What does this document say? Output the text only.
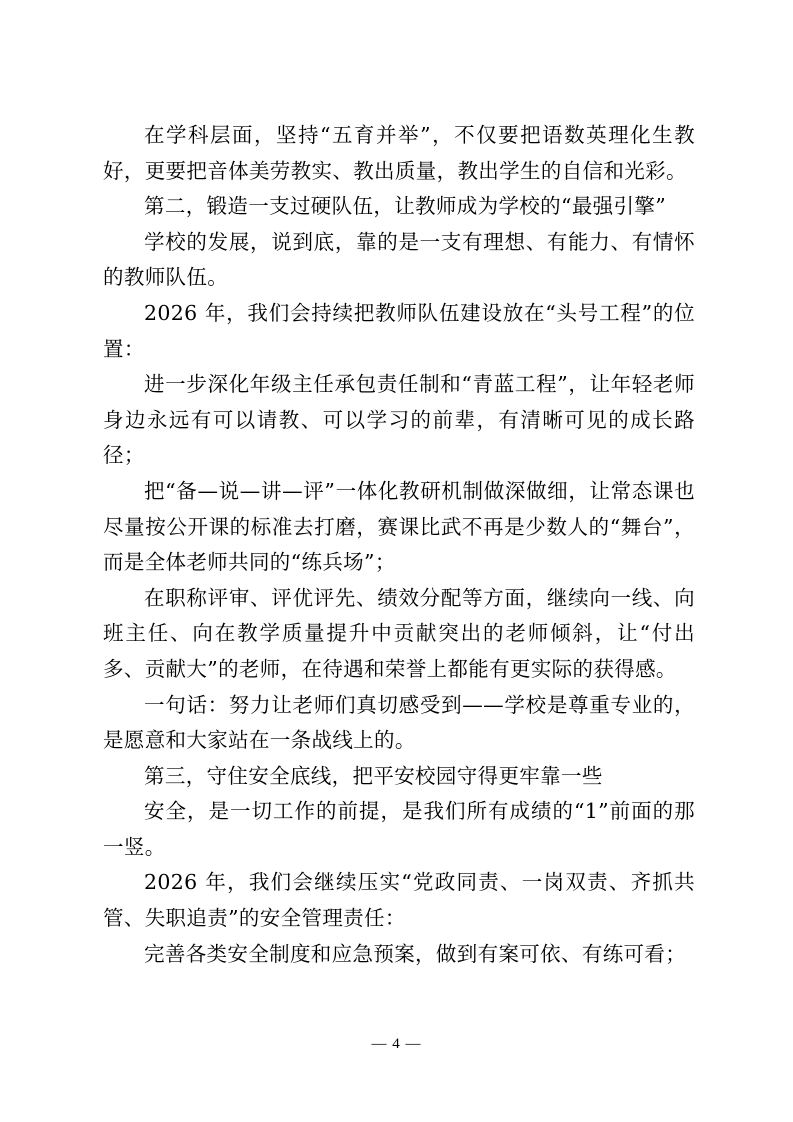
在学科层面，坚持“五育并举”，不仅要把语数英理化生教好，更要把音体美劳教实、教出质量，教出学生的自信和光彩。

第二，锻造一支过硬队伍，让教师成为学校的“最强引擎”

学校的发展，说到底，靠的是一支有理想、有能力、有情怀的教师队伍。

2026 年，我们会持续把教师队伍建设放在“头号工程”的位置：

进一步深化年级主任承包责任制和“青蓝工程”，让年轻老师身边永远有可以请教、可以学习的前辈，有清晰可见的成长路径；

把“备—说—讲—评”一体化教研机制做深做细，让常态课也尽量按公开课的标准去打磨，赛课比武不再是少数人的“舞台”，而是全体老师共同的“练兵场”；

在职称评审、评优评先、绩效分配等方面，继续向一线、向班主任、向在教学质量提升中贡献突出的老师倾斜，让“付出多、贡献大”的老师，在待遇和荣誉上都能有更实际的获得感。

一句话：努力让老师们真切感受到——学校是尊重专业的，是愿意和大家站在一条战线上的。

第三，守住安全底线，把平安校园守得更牢靠一些

安全，是一切工作的前提，是我们所有成绩的“1”前面的那一竖。

2026 年，我们会继续压实“党政同责、一岗双责、齐抓共管、失职追责”的安全管理责任：

完善各类安全制度和应急预案，做到有案可依、有练可看；

— 4 —
